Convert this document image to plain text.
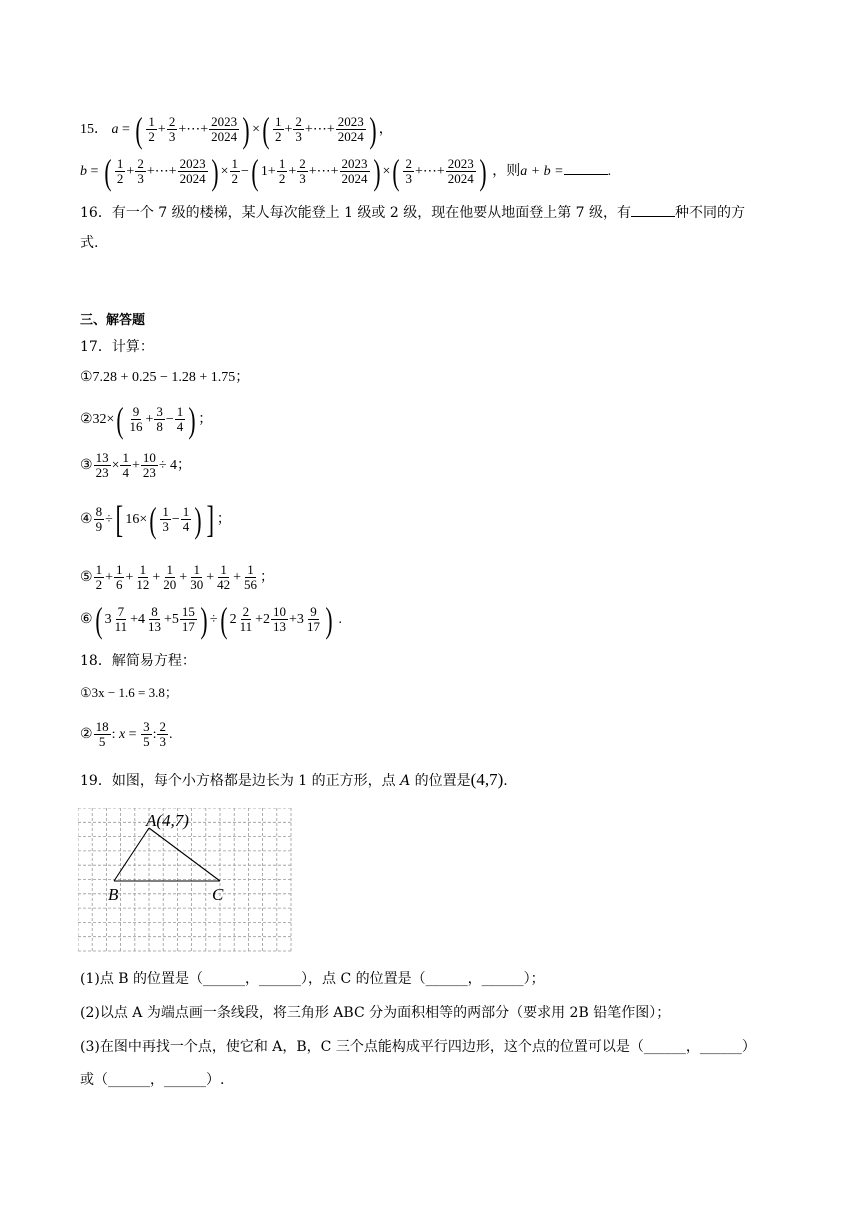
15． a = ( $\frac{1}{2} + \frac{2}{3}$ +⋯+ $\frac{2023}{2024}$ ) ×( $\frac{1}{2} + \frac{2}{3}$ +⋯+ $\frac{2023}{2024}$ ) ，
b = ( $\frac{1}{2} + \frac{2}{3}$ +⋯+ $\frac{2023}{2024}$ ) × $\frac{1}{2}$ −( $1+ \frac{1}{2} + \frac{2}{3}$ +⋯+ $\frac{2023}{2024}$ ) ×( $\frac{2}{3}$ +⋯+ $\frac{2023}{2024}$ ) ，则a + b =	.
16．有一个 7 级的楼梯，某人每次能登上 1 级或 2 级，现在他要从地面登上第 7 级，有	种不同的方
式.
三、解答题
17．计算：
①7.28 + 0.25 − 1.28 + 1.75；
②32×( $\frac{9}{16} + \frac{3}{8} - \frac{1}{4}$ ) ；
③ $\frac{13}{23} \times \frac{1}{4} + \frac{10}{23} \div 4$；
④ $\frac{8}{9}$ ÷[ $16\times( \frac{1}{3} - \frac{1}{4}$ ) ] ；
⑤ $\frac{1}{2} + \frac{1}{6} + \frac{1}{12} + \frac{1}{20} + \frac{1}{30} + \frac{1}{42} + \frac{1}{56}$ ；
⑥( $3 \frac{7}{11} +4 \frac{8}{13} +5 \frac{15}{17}$ ) ÷( $2 \frac{2}{11} +2 \frac{10}{13} +3 \frac{9}{17}$ ) .
18．解简易方程：
①3x − 1.6 = 3.8；
② $\frac{18}{5}$ : $x = \frac{3}{5}$ : $\frac{2}{3}$ .
19．如图，每个小方格都是边长为 1 的正方形，点 A 的位置是(4,7).
A(4,7)
B	C
(1)点 B 的位置是（______，______），点 C 的位置是（______，______）；
(2)以点 A 为端点画一条线段，将三角形 ABC 分为面积相等的两部分（要求用 2B 铅笔作图）；
(3)在图中再找一个点，使它和 A，B，C 三个点能构成平行四边形，这个点的位置可以是（______，______）
或（______，______）.
